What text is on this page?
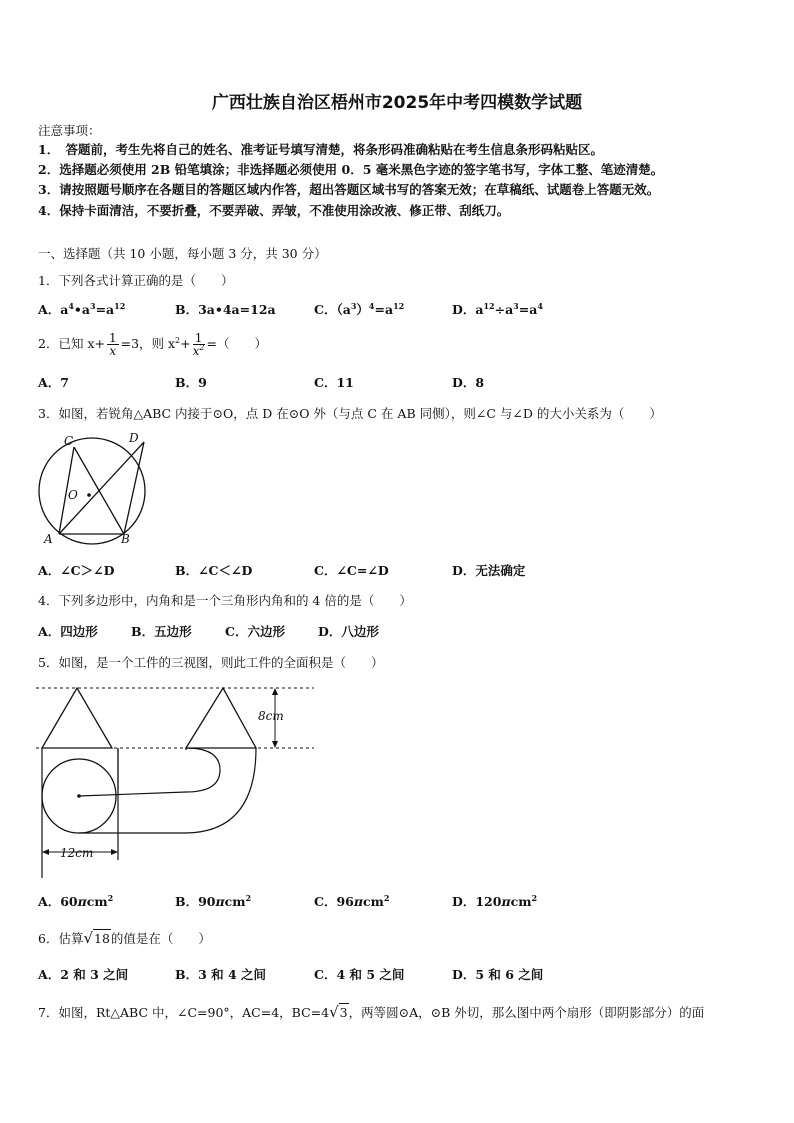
广西壮族自治区梧州市2025年中考四模数学试题
注意事项：
1．　答题前，考生先将自己的姓名、准考证号填写清楚，将条形码准确粘贴在考生信息条形码粘贴区。
2．选择题必须使用 2B 铅笔填涂；非选择题必须使用 0．5 毫米黑色字迹的签字笔书写，字体工整、笔迹清楚。
3．请按照题号顺序在各题目的答题区域内作答，超出答题区域书写的答案无效；在草稿纸、试题卷上答题无效。
4．保持卡面清洁，不要折叠，不要弄破、弄皱，不准使用涂改液、修正带、刮纸刀。
一、选择题（共 10 小题，每小题 3 分，共 30 分）
1．下列各式计算正确的是（　　）
A．$a^4•a^3=a^{12}$	B．3a•4a=12a	C．$(a^3)^4=a^{12}$	D．$a^{12}\div a^3=a^4$
2．已知 $x+ \frac{1}{x} =3$，则 $x^2+ \frac{1}{x^2}$ =（　　）
A．7	B．9	C．11	D．8
3．如图，若锐角△ABC 内接于⊙O，点 D 在⊙O 外（与点 C 在 AB 同侧），则∠C 与∠D 的大小关系为（　　）
C	D
O
A	B
A．∠C＞∠D	B．∠C＜∠D	C．∠C=∠D	D．无法确定
4．下列多边形中，内角和是一个三角形内角和的 4 倍的是（　　）
A．四边形	B．五边形	C．六边形	D．八边形
5．如图，是一个工件的三视图，则此工件的全面积是（　　）
8cm
12cm
A．60πcm$^2$	B．90πcm$^2$	C．96πcm$^2$	D．120πcm$^2$
6．估算√18的值是在（　　）
A．2 和 3 之间	B．3 和 4 之间	C．4 和 5 之间	D．5 和 6 之间
7．如图，Rt△ABC 中，∠C=90°，AC=4，BC=4√3，两等圆⊙A，⊙B 外切，那么图中两个扇形（即阴影部分）的面
